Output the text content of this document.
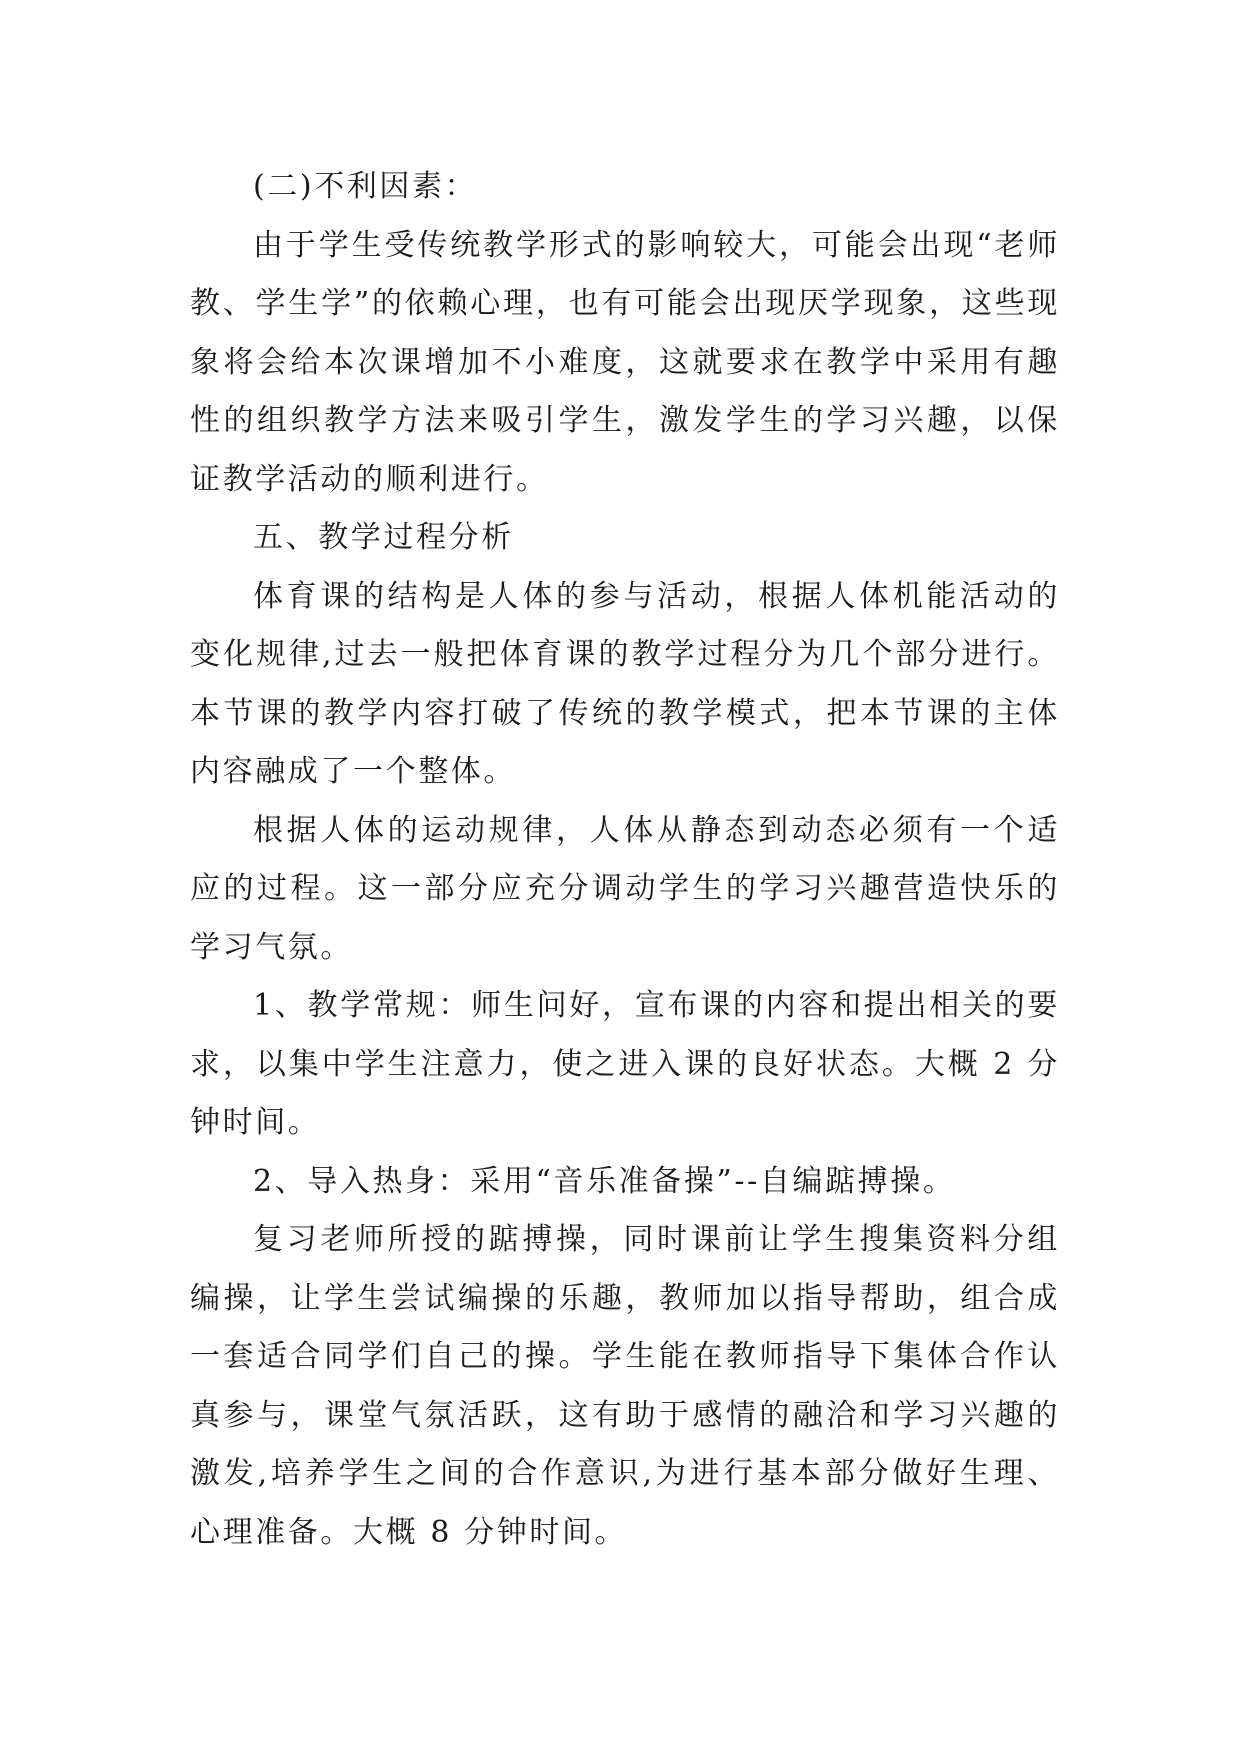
(二)不利因素：

由于学生受传统教学形式的影响较大，可能会出现“老师教、学生学”的依赖心理，也有可能会出现厌学现象，这些现象将会给本次课增加不小难度，这就要求在教学中采用有趣性的组织教学方法来吸引学生，激发学生的学习兴趣，以保证教学活动的顺利进行。

五、教学过程分析

体育课的结构是人体的参与活动，根据人体机能活动的变化规律,过去一般把体育课的教学过程分为几个部分进行。本节课的教学内容打破了传统的教学模式，把本节课的主体内容融成了一个整体。

根据人体的运动规律，人体从静态到动态必须有一个适应的过程。这一部分应充分调动学生的学习兴趣营造快乐的学习气氛。

1、教学常规：师生问好，宣布课的内容和提出相关的要求，以集中学生注意力，使之进入课的良好状态。大概 2 分钟时间。

2、导入热身：采用“音乐准备操”--自编踮搏操。

复习老师所授的踮搏操，同时课前让学生搜集资料分组编操，让学生尝试编操的乐趣，教师加以指导帮助，组合成一套适合同学们自己的操。学生能在教师指导下集体合作认真参与，课堂气氛活跃，这有助于感情的融洽和学习兴趣的激发,培养学生之间的合作意识,为进行基本部分做好生理、心理准备。大概 8 分钟时间。
